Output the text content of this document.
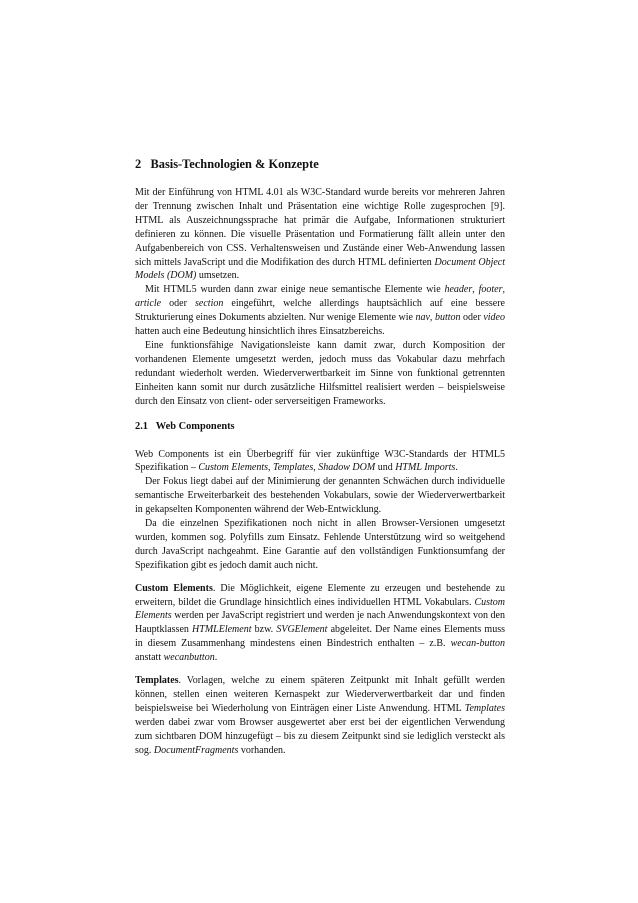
2 Basis-Technologien & Konzepte

Mit der Einführung von HTML 4.01 als W3C-Standard wurde bereits vor mehreren Jahren der Trennung zwischen Inhalt und Präsentation eine wichtige Rolle zugesprochen [9]. HTML als Auszeichnungssprache hat primär die Aufgabe, Informationen strukturiert definieren zu können. Die visuelle Präsentation und Formatierung fällt allein unter den Aufgabenbereich von CSS. Verhaltensweisen und Zustände einer Web-Anwendung lassen sich mittels JavaScript und die Modifikation des durch HTML definierten Document Object Models (DOM) umsetzen.

Mit HTML5 wurden dann zwar einige neue semantische Elemente wie header, footer, article oder section eingeführt, welche allerdings hauptsächlich auf eine bessere Strukturierung eines Dokuments abzielten. Nur wenige Elemente wie nav, button oder video hatten auch eine Bedeutung hinsichtlich ihres Einsatzbereichs.

Eine funktionsfähige Navigationsleiste kann damit zwar, durch Komposition der vorhandenen Elemente umgesetzt werden, jedoch muss das Vokabular dazu mehrfach redundant wiederholt werden. Wiederverwertbarkeit im Sinne von funktional getrennten Einheiten kann somit nur durch zusätzliche Hilfsmittel realisiert werden – beispielsweise durch den Einsatz von client- oder serverseitigen Frameworks.

2.1 Web Components

Web Components ist ein Überbegriff für vier zukünftige W3C-Standards der HTML5 Spezifikation – Custom Elements, Templates, Shadow DOM und HTML Imports.

Der Fokus liegt dabei auf der Minimierung der genannten Schwächen durch individuelle semantische Erweiterbarkeit des bestehenden Vokabulars, sowie der Wiederverwertbarkeit in gekapselten Komponenten während der Web-Entwicklung.

Da die einzelnen Spezifikationen noch nicht in allen Browser-Versionen umgesetzt wurden, kommen sog. Polyfills zum Einsatz. Fehlende Unterstützung wird so weitgehend durch JavaScript nachgeahmt. Eine Garantie auf den vollständigen Funktionsumfang der Spezifikation gibt es jedoch damit auch nicht.

Custom Elements. Die Möglichkeit, eigene Elemente zu erzeugen und bestehende zu erweitern, bildet die Grundlage hinsichtlich eines individuellen HTML Vokabulars. Custom Elements werden per JavaScript registriert und werden je nach Anwendungskontext von den Hauptklassen HTMLElement bzw. SVGElement abgeleitet. Der Name eines Elements muss in diesem Zusammenhang mindestens einen Bindestrich enthalten – z.B. wecan-button anstatt wecanbutton.

Templates. Vorlagen, welche zu einem späteren Zeitpunkt mit Inhalt gefüllt werden können, stellen einen weiteren Kernaspekt zur Wiederverwertbarkeit dar und finden beispielsweise bei Wiederholung von Einträgen einer Liste Anwendung. HTML Templates werden dabei zwar vom Browser ausgewertet aber erst bei der eigentlichen Verwendung zum sichtbaren DOM hinzugefügt – bis zu diesem Zeitpunkt sind sie lediglich versteckt als sog. DocumentFragments vorhanden.
